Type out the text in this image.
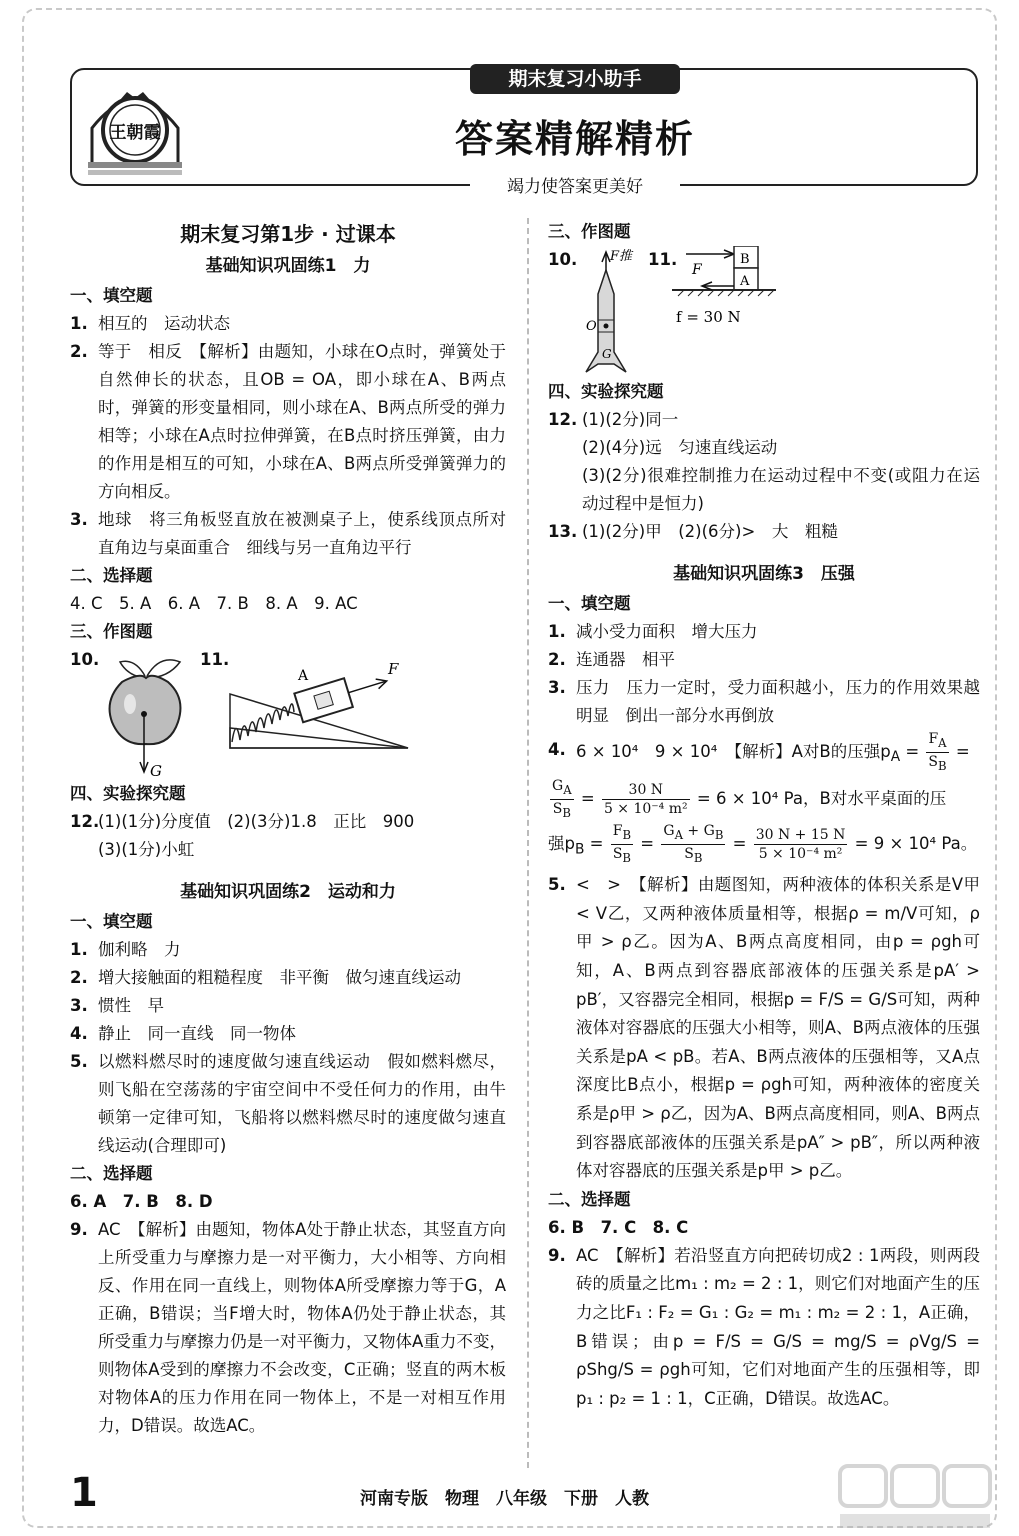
王朝霞
期末复习小助手
答案精解精析
竭力使答案更美好
期末复习第1步 · 过课本
基础知识巩固练1　力
一、填空题
1. 相互的　运动状态
2. 等于　相反　【解析】由题知，小球在O点时，弹簧处于自然伸长的状态，且OB = OA，即小球在A、B两点时，弹簧的形变量相同，则小球在A、B两点所受的弹力相等；小球在A点时拉伸弹簧，在B点时挤压弹簧，由力的作用是相互的可知，小球在A、B两点所受弹簧弹力的方向相反。
3. 地球　将三角板竖直放在被测桌子上，使系线顶点所对直角边与桌面重合　细线与另一直角边平行
二、选择题
4. C　5. A　6. A　7. B　8. A　9. AC
三、作图题
10.
G
11.
A	F
四、实验探究题
12.
(1)(1分)分度值　(2)(3分)1.8　正比　900
(3)(1分)小虹
基础知识巩固练2　运动和力
一、填空题
1. 伽利略　力
2. 增大接触面的粗糙程度　非平衡　做匀速直线运动
3. 惯性　早
4. 静止　同一直线　同一物体
5. 以燃料燃尽时的速度做匀速直线运动　假如燃料燃尽，则飞船在空荡荡的宇宙空间中不受任何力的作用，由牛顿第一定律可知，飞船将以燃料燃尽时的速度做匀速直线运动(合理即可)
二、选择题
6. A　7. B　8. D
9. AC　【解析】由题知，物体A处于静止状态，其竖直方向上所受重力与摩擦力是一对平衡力，大小相等、方向相反、作用在同一直线上，则物体A所受摩擦力等于G，A正确，B错误；当F增大时，物体A仍处于静止状态，其所受重力与摩擦力仍是一对平衡力，又物体A重力不变，则物体A受到的摩擦力不会改变，C正确；竖直的两木板对物体A的压力作用在同一物体上，不是一对相互作用力，D错误。故选AC。
三、作图题
10.	F推
O
G
11.
F
B
A
f = 30 N
四、实验探究题
12. (1)(2分)同一
(2)(4分)远　匀速直线运动
(3)(2分)很难控制推力在运动过程中不变(或阻力在运动过程中是恒力)
13. (1)(2分)甲　(2)(6分)>　大　粗糙
基础知识巩固练3　压强
一、填空题
1. 减小受力面积　增大压力
2. 连通器　相平
3. 压力　压力一定时，受力面积越小，压力的作用效果越明显　倒出一部分水再倒放
4. 6 × 10⁴　9 × 10⁴　【解析】A对B的压强$p_A = \frac{F_A}{S_B}$ =
$\frac{G_A}{S_B} = \frac{30 N}{\text{5 × 10⁻⁴ m²}} = 6 \times 10^4$ Pa，B对水平桌面的压
强$p_B = \frac{F_B}{S_B} = \frac{G_A + G_B}{S_B} = \frac{30 N + 15 N}{\text{5 × 10⁻⁴ m²}} = 9 \times 10^4$ Pa。
5. <　>　【解析】由题图知，两种液体的体积关系是V甲 < V乙，又两种液体质量相等，根据ρ = m/V可知，ρ甲 > ρ乙。因为A、B两点高度相同，由p = ρgh可知，A、B两点到容器底部液体的压强关系是pA′ > pB′，又容器完全相同，根据p = F/S = G/S可知，两种液体对容器底的压强大小相等，则A、B两点液体的压强关系是pA < pB。若A、B两点液体的压强相等，又A点深度比B点小，根据p = ρgh可知，两种液体的密度关系是ρ甲 > ρ乙，因为A、B两点高度相同，则A、B两点到容器底部液体的压强关系是pA″ > pB″，所以两种液体对容器底的压强关系是p甲 > p乙。
二、选择题
6. B　7. C　8. C
9. AC　【解析】若沿竖直方向把砖切成2 : 1两段，则两段砖的质量之比m₁ : m₂ = 2 : 1，则它们对地面产生的压力之比F₁ : F₂ = G₁ : G₂ = m₁ : m₂ = 2 : 1，A正确，B错误；由p = F/S = G/S = mg/S = ρVg/S = ρShg/S = ρgh可知，它们对地面产生的压强相等，即p₁ : p₂ = 1 : 1，C正确，D错误。故选AC。
1	河南专版　物理　八年级　下册　人教
